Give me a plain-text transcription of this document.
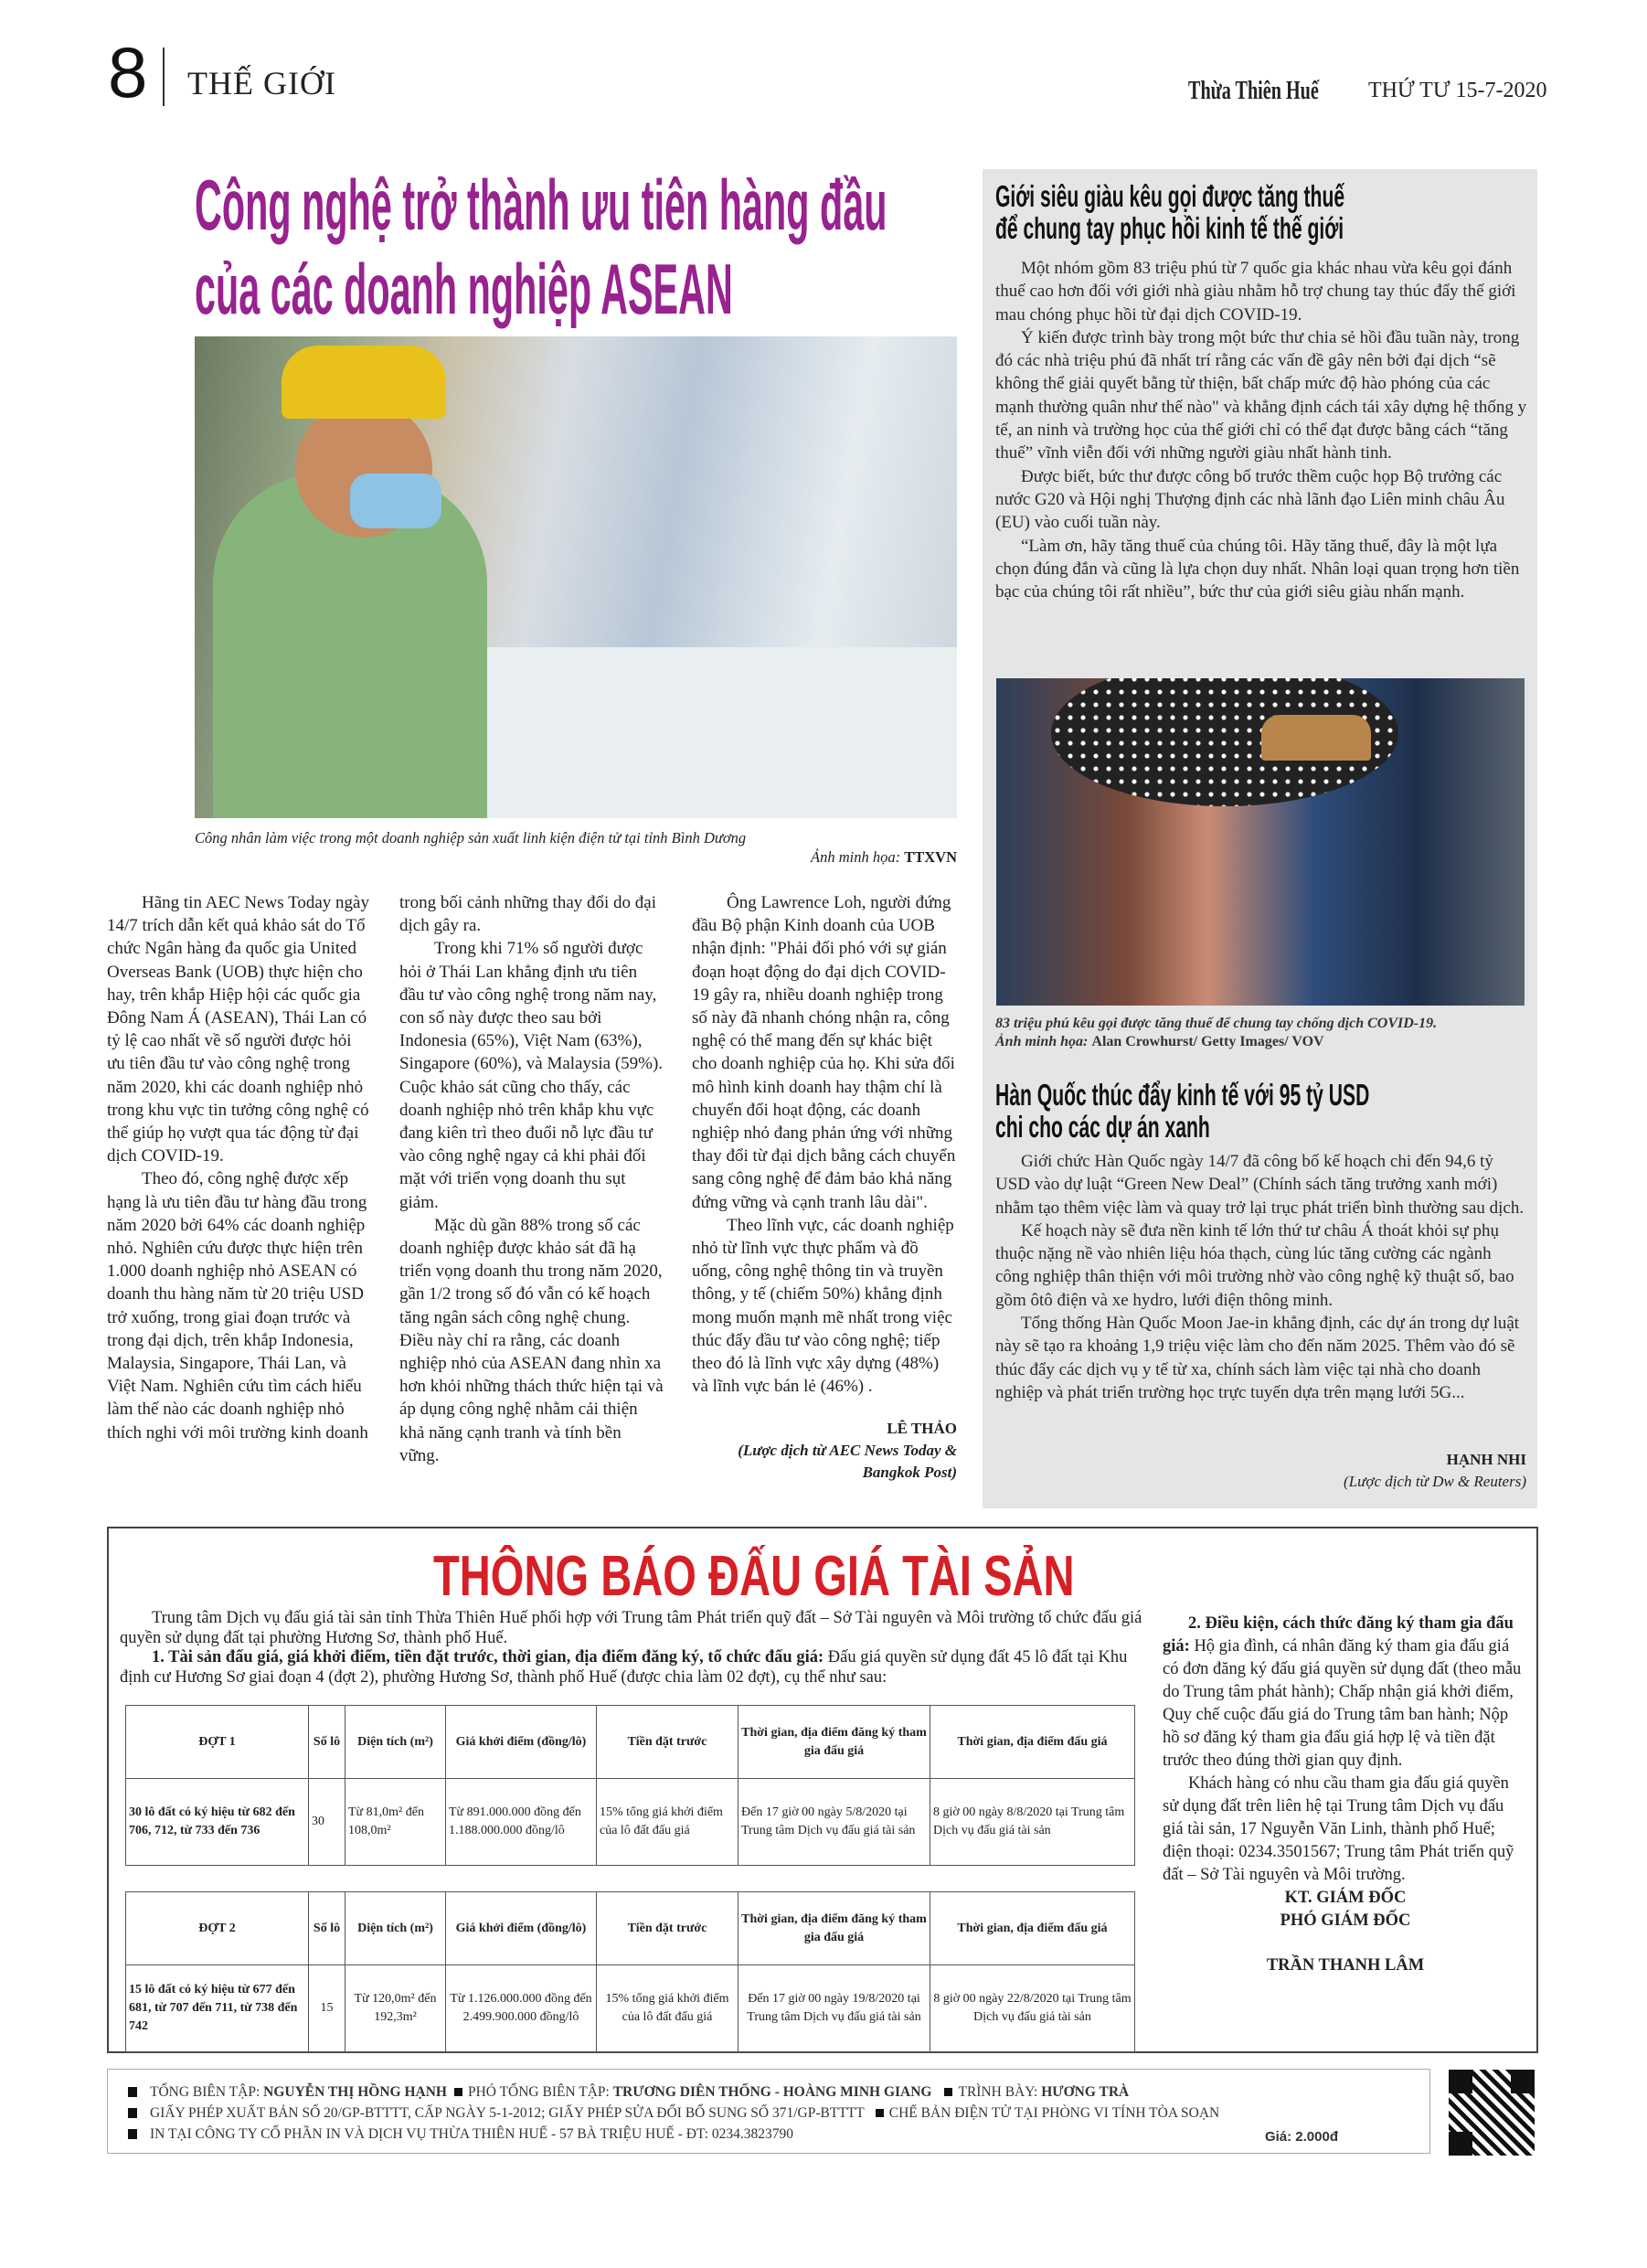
8 THẾ GIỚI	Thừa Thiên Huế	THỨ TƯ 15-7-2020
Công nghệ trở thành ưu tiên hàng đầu
của các doanh nghiệp ASEAN
Công nhân làm việc trong một doanh nghiệp sản xuất linh kiện điện tử tại tỉnh Bình Dương
Ảnh minh họa: TTXVN

Hãng tin AEC News Today ngày 14/7 trích dẫn kết quả khảo sát do Tổ chức Ngân hàng đa quốc gia United Overseas Bank (UOB) thực hiện cho hay, trên khắp Hiệp hội các quốc gia Đông Nam Á (ASEAN), Thái Lan có tỷ lệ cao nhất về số người được hỏi ưu tiên đầu tư vào công nghệ trong năm 2020, khi các doanh nghiệp nhỏ trong khu vực tin tưởng công nghệ có thể giúp họ vượt qua tác động từ đại dịch COVID-19.

Theo đó, công nghệ được xếp hạng là ưu tiên đầu tư hàng đầu trong năm 2020 bởi 64% các doanh nghiệp nhỏ. Nghiên cứu được thực hiện trên 1.000 doanh nghiệp nhỏ ASEAN có doanh thu hàng năm từ 20 triệu USD trở xuống, trong giai đoạn trước và trong đại dịch, trên khắp Indonesia, Malaysia, Singapore, Thái Lan, và Việt Nam. Nghiên cứu tìm cách hiểu làm thế nào các doanh nghiệp nhỏ thích nghi với môi trường kinh doanh trong bối cảnh những thay đổi do đại dịch gây ra.

Trong khi 71% số người được hỏi ở Thái Lan khẳng định ưu tiên đầu tư vào công nghệ trong năm nay, con số này được theo sau bởi Indonesia (65%), Việt Nam (63%), Singapore (60%), và Malaysia (59%). Cuộc khảo sát cũng cho thấy, các doanh nghiệp nhỏ trên khắp khu vực đang kiên trì theo đuổi nỗ lực đầu tư vào công nghệ ngay cả khi phải đối mặt với triển vọng doanh thu sụt giảm.

Mặc dù gần 88% trong số các doanh nghiệp được khảo sát đã hạ triển vọng doanh thu trong năm 2020, gần 1/2 trong số đó vẫn có kế hoạch tăng ngân sách công nghệ chung. Điều này chỉ ra rằng, các doanh nghiệp nhỏ của ASEAN đang nhìn xa hơn khỏi những thách thức hiện tại và áp dụng công nghệ nhằm cải thiện khả năng cạnh tranh và tính bền vững.

Ông Lawrence Loh, người đứng đầu Bộ phận Kinh doanh của UOB nhận định: "Phải đối phó với sự gián đoạn hoạt động do đại dịch COVID-19 gây ra, nhiều doanh nghiệp trong số này đã nhanh chóng nhận ra, công nghệ có thể mang đến sự khác biệt cho doanh nghiệp của họ. Khi sửa đổi mô hình kinh doanh hay thậm chí là chuyển đổi hoạt động, các doanh nghiệp nhỏ đang phản ứng với những thay đổi từ đại dịch bằng cách chuyển sang công nghệ để đảm bảo khả năng đứng vững và cạnh tranh lâu dài".

Theo lĩnh vực, các doanh nghiệp nhỏ từ lĩnh vực thực phẩm và đồ uống, công nghệ thông tin và truyền thông, y tế (chiếm 50%) khẳng định mong muốn mạnh mẽ nhất trong việc thúc đẩy đầu tư vào công nghệ; tiếp theo đó là lĩnh vực xây dựng (48%) và lĩnh vực bán lẻ (46%) .

LÊ THẢO
(Lược dịch từ AEC News Today & Bangkok Post)
Giới siêu giàu kêu gọi được tăng thuế
để chung tay phục hồi kinh tế thế giới

Một nhóm gồm 83 triệu phú từ 7 quốc gia khác nhau vừa kêu gọi đánh thuế cao hơn đối với giới nhà giàu nhằm hỗ trợ chung tay thúc đẩy thế giới mau chóng phục hồi từ đại dịch COVID-19.

Ý kiến được trình bày trong một bức thư chia sẻ hồi đầu tuần này, trong đó các nhà triệu phú đã nhất trí rằng các vấn đề gây nên bởi đại dịch “sẽ không thể giải quyết bằng từ thiện, bất chấp mức độ hào phóng của các mạnh thường quân như thế nào" và khẳng định cách tái xây dựng hệ thống y tế, an ninh và trường học của thế giới chỉ có thể đạt được bằng cách “tăng thuế” vĩnh viễn đối với những người giàu nhất hành tinh.

Được biết, bức thư được công bố trước thềm cuộc họp Bộ trưởng các nước G20 và Hội nghị Thượng định các nhà lãnh đạo Liên minh châu Âu (EU) vào cuối tuần này.

“Làm ơn, hãy tăng thuế của chúng tôi. Hãy tăng thuế, đây là một lựa chọn đúng đắn và cũng là lựa chọn duy nhất. Nhân loại quan trọng hơn tiền bạc của chúng tôi rất nhiều”, bức thư của giới siêu giàu nhấn mạnh.

83 triệu phú kêu gọi được tăng thuế để chung tay chống dịch COVID-19.
Ảnh minh họa: Alan Crowhurst/ Getty Images/ VOV
Hàn Quốc thúc đẩy kinh tế với 95 tỷ USD
chi cho các dự án xanh

Giới chức Hàn Quốc ngày 14/7 đã công bố kế hoạch chi đến 94,6 tỷ USD vào dự luật “Green New Deal” (Chính sách tăng trưởng xanh mới) nhằm tạo thêm việc làm và quay trở lại trục phát triển bình thường sau dịch.

Kế hoạch này sẽ đưa nền kinh tế lớn thứ tư châu Á thoát khỏi sự phụ thuộc nặng nề vào nhiên liệu hóa thạch, cùng lúc tăng cường các ngành công nghiệp thân thiện với môi trường nhờ vào công nghệ kỹ thuật số, bao gồm ôtô điện và xe hydro, lưới điện thông minh.

Tổng thống Hàn Quốc Moon Jae-in khẳng định, các dự án trong dự luật này sẽ tạo ra khoảng 1,9 triệu việc làm cho đến năm 2025. Thêm vào đó sẽ thúc đẩy các dịch vụ y tế từ xa, chính sách làm việc tại nhà cho doanh nghiệp và phát triển trường học trực tuyến dựa trên mạng lưới 5G...

HẠNH NHI
(Lược dịch từ Dw & Reuters)
THÔNG BÁO ĐẤU GIÁ TÀI SẢN

Trung tâm Dịch vụ đấu giá tài sản tỉnh Thừa Thiên Huế phối hợp với Trung tâm Phát triển quỹ đất – Sở Tài nguyên và Môi trường tổ chức đấu giá quyền sử dụng đất tại phường Hương Sơ, thành phố Huế.

1. Tài sản đấu giá, giá khởi điểm, tiền đặt trước, thời gian, địa điểm đăng ký, tổ chức đấu giá: Đấu giá quyền sử dụng đất 45 lô đất tại Khu định cư Hương Sơ giai đoạn 4 (đợt 2), phường Hương Sơ, thành phố Huế (được chia làm 02 đợt), cụ thể như sau:

ĐỢT 1	Số lô	Diện tích (m²)	Giá khởi điểm (đồng/lô)	Tiền đặt trước	Thời gian, địa điểm đăng ký tham gia đấu giá	Thời gian, địa điểm đấu giá
30 lô đất có ký hiệu từ 682 đến 706, 712, từ 733 đến 736	30	Từ 81,0m² đến 108,0m²	Từ 891.000.000 đồng đến 1.188.000.000 đồng/lô	15% tổng giá khởi điểm của lô đất đấu giá	Đến 17 giờ 00 ngày 5/8/2020 tại Trung tâm Dịch vụ đấu giá tài sản	8 giờ 00 ngày 8/8/2020 tại Trung tâm Dịch vụ đấu giá tài sản
ĐỢT 2	Số lô	Diện tích (m²)	Giá khởi điểm (đồng/lô)	Tiền đặt trước	Thời gian, địa điểm đăng ký tham gia đấu giá	Thời gian, địa điểm đấu giá
15 lô đất có ký hiệu từ 677 đến 681, từ 707 đến 711, từ 738 đến 742	15	Từ 120,0m² đến 192,3m²	Từ 1.126.000.000 đồng đến 2.499.900.000 đồng/lô	15% tổng giá khởi điểm của lô đất đấu giá	Đến 17 giờ 00 ngày 19/8/2020 tại Trung tâm Dịch vụ đấu giá tài sản	8 giờ 00 ngày 22/8/2020 tại Trung tâm Dịch vụ đấu giá tài sản

2. Điều kiện, cách thức đăng ký tham gia đấu giá: Hộ gia đình, cá nhân đăng ký tham gia đấu giá có đơn đăng ký đấu giá quyền sử dụng đất (theo mẫu do Trung tâm phát hành); Chấp nhận giá khởi điểm, Quy chế cuộc đấu giá do Trung tâm ban hành; Nộp hồ sơ đăng ký tham gia đấu giá hợp lệ và tiền đặt trước theo đúng thời gian quy định.

Khách hàng có nhu cầu tham gia đấu giá quyền sử dụng đất trên liên hệ tại Trung tâm Dịch vụ đấu giá tài sản, 17 Nguyễn Văn Linh, thành phố Huế; điện thoại: 0234.3501567; Trung tâm Phát triển quỹ đất – Sở Tài nguyên và Môi trường.

KT. GIÁM ĐỐC

PHÓ GIÁM ĐỐC

TRẦN THANH LÂM

TỔNG BIÊN TẬP: NGUYỄN THỊ HỒNG HẠNH PHÓ TỔNG BIÊN TẬP: TRƯƠNG DIÊN THỐNG - HOÀNG MINH GIANG TRÌNH BÀY: HƯƠNG TRÀ
GIẤY PHÉP XUẤT BẢN SỐ 20/GP-BTTTT, CẤP NGÀY 5-1-2012; GIẤY PHÉP SỬA ĐỔI BỔ SUNG SỐ 371/GP-BTTTT CHẾ BẢN ĐIỆN TỬ TẠI PHÒNG VI TÍNH TÒA SOẠN
IN TẠI CÔNG TY CỔ PHẦN IN VÀ DỊCH VỤ THỪA THIÊN HUẾ - 57 BÀ TRIỆU HUẾ - ĐT: 0234.3823790	Giá: 2.000đ
